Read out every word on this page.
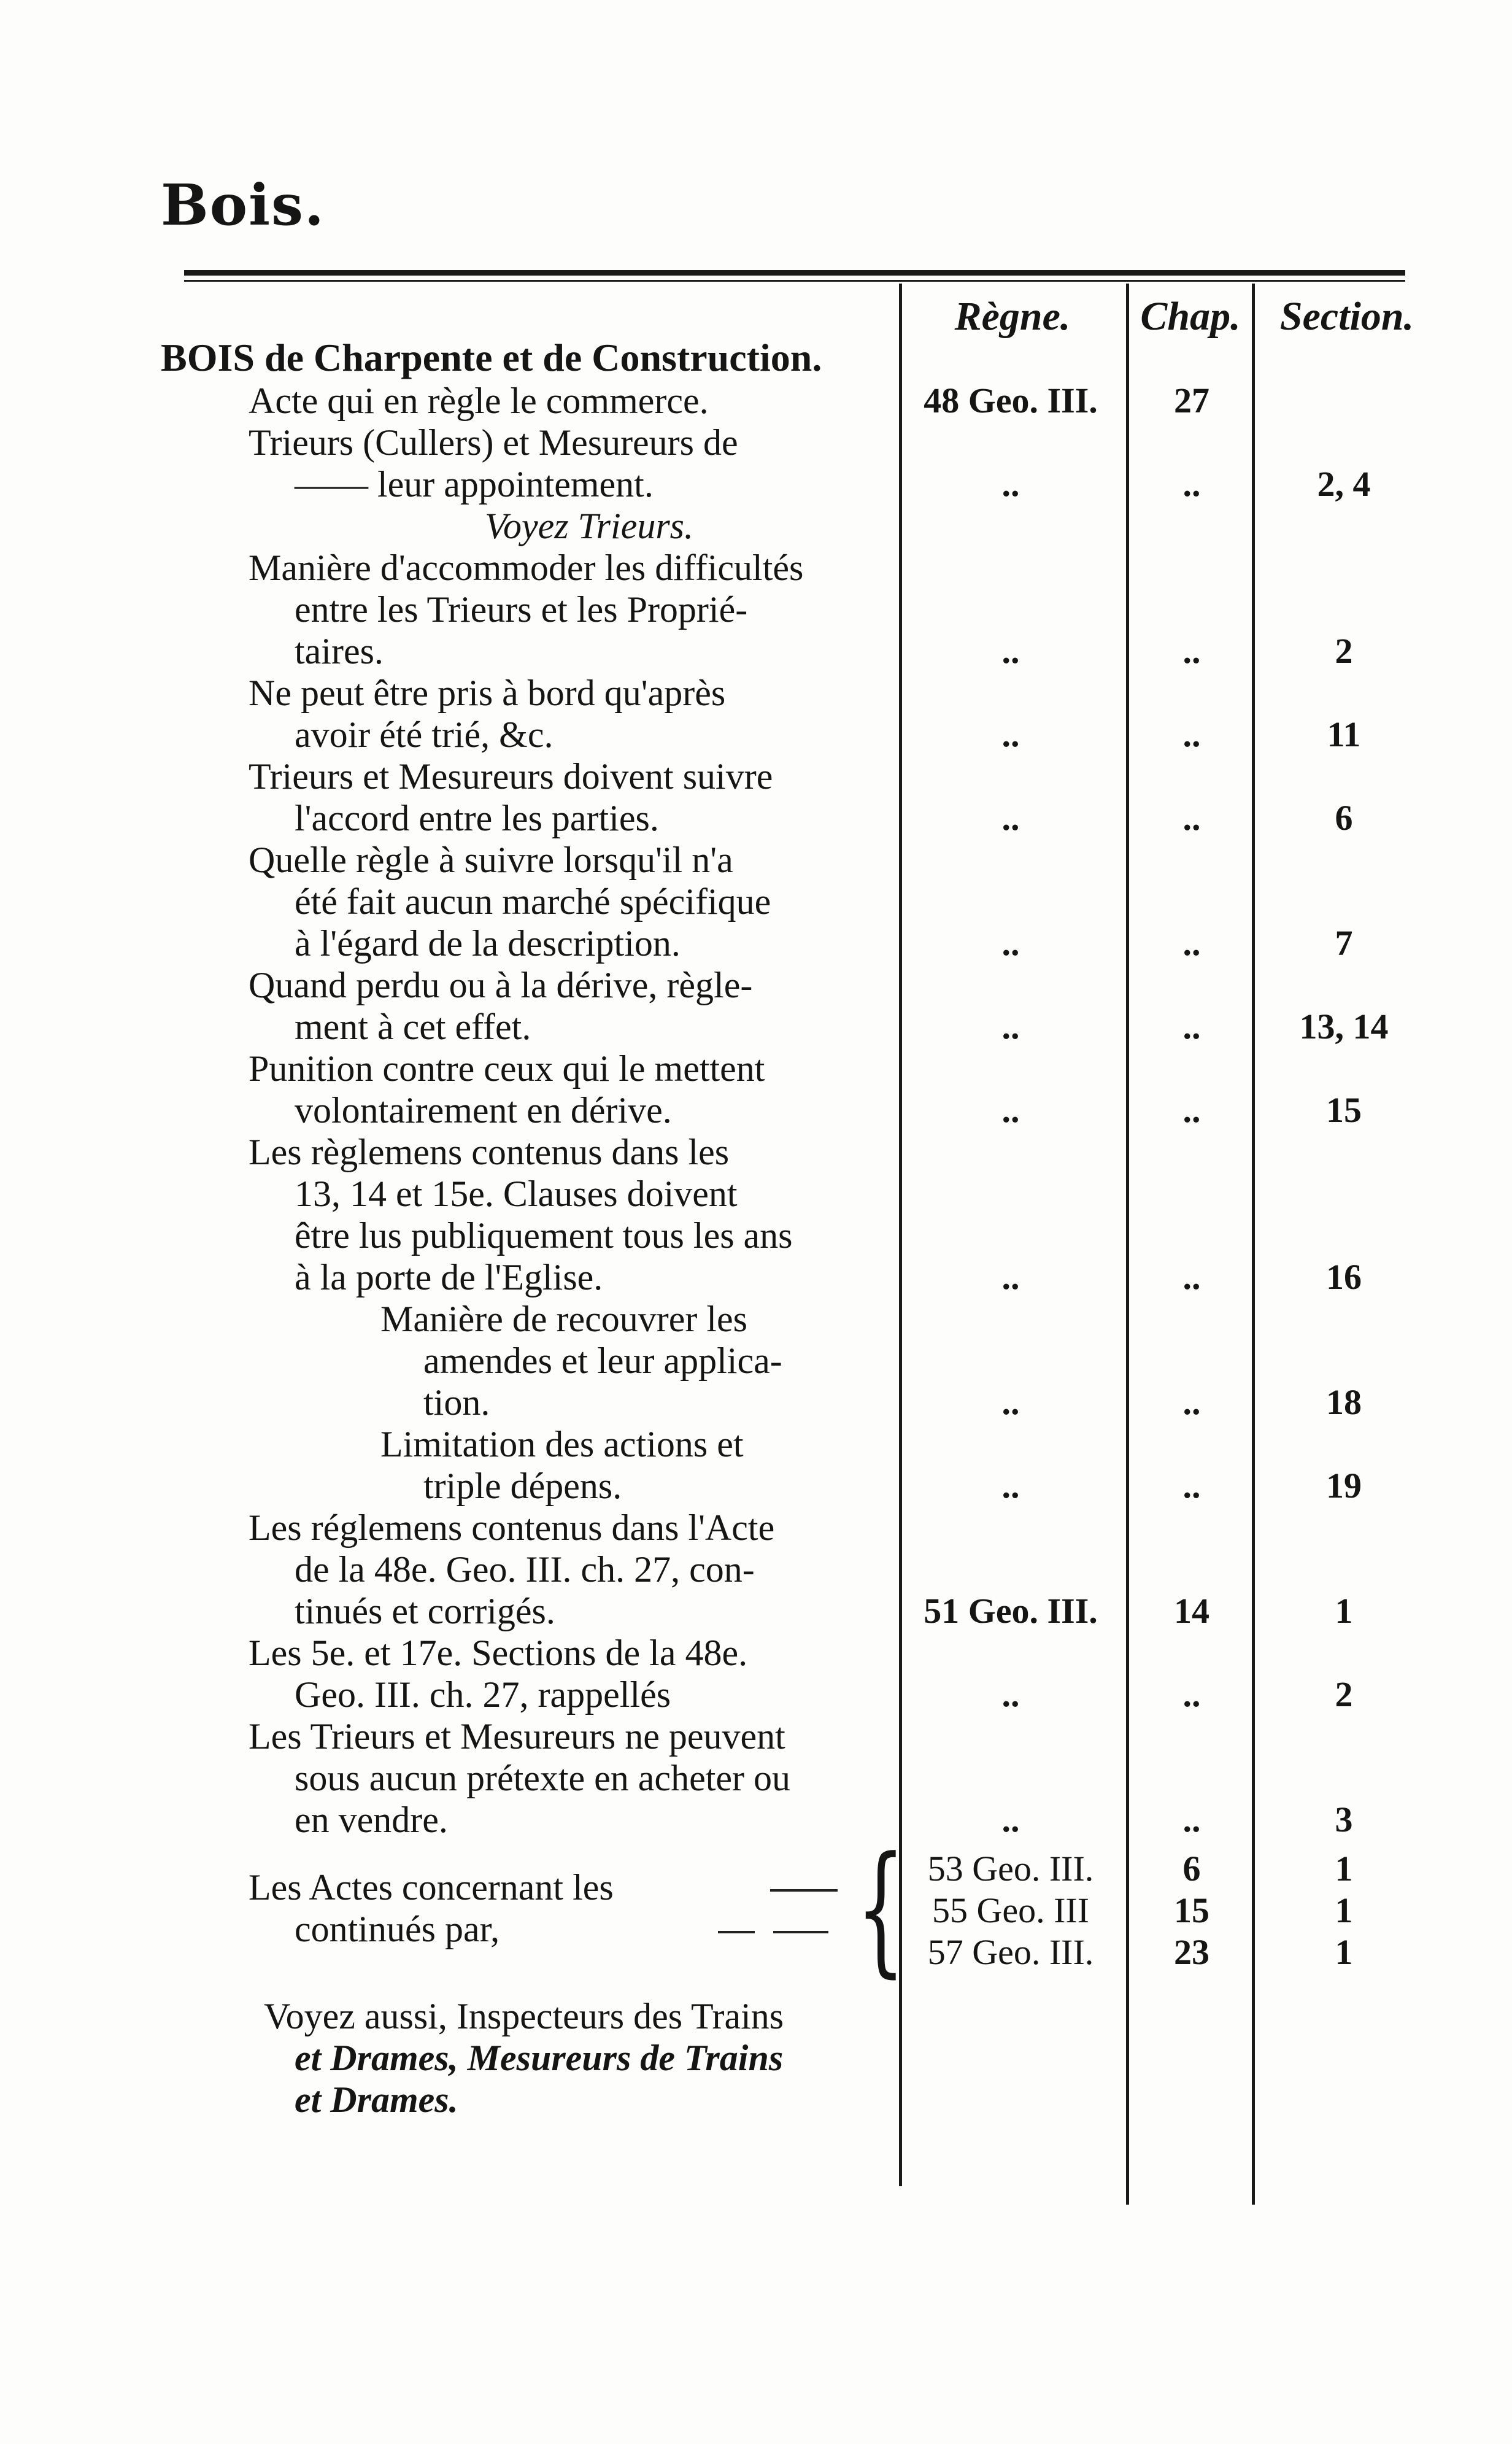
Bois.
Règne.	Chap. Section.
BOIS de Charpente et de Construction.
Acte qui en règle le commerce.	48 Geo. III.	27
Trieurs (Cullers) et Mesureurs de
—— leur appointement.
Voyez Trieurs.
..	..	2, 4
Manière d'accommoder les difficultés
entre les Trieurs et les Proprié-
taires.	..	..	2
Ne peut être pris à bord qu'après
avoir été trié, &c.	..	..	11
Trieurs et Mesureurs doivent suivre
l'accord entre les parties.	..	..	6
Quelle règle à suivre lorsqu'il n'a
été fait aucun marché spécifique
à l'égard de la description.	..	..	7
Quand perdu ou à la dérive, règle-
ment à cet effet.	..	..	13, 14
Punition contre ceux qui le mettent
volontairement en dérive.	..	..	15
Les règlemens contenus dans les
13, 14 et 15e. Clauses doivent
être lus publiquement tous les ans
à la porte de l'Eglise.	..	..	16
Manière de recouvrer les
amendes et leur applica-
tion.	..	..	18
Limitation des actions et
triple dépens.	..	..	19
Les réglemens contenus dans l'Acte
de la 48e. Geo. III. ch. 27, con-
tinués et corrigés.	51 Geo. III.	14	1
Les 5e. et 17e. Sections de la 48e.
Geo. III. ch. 27, rappellés	..	..	2
Les Trieurs et Mesureurs ne peuvent
sous aucun prétexte en acheter ou
en vendre.	..	..	3
Les Actes concernant les
continués par,	{ 53 Geo. III.	6	1
55 Geo. III	15	1
57 Geo. III.	23	1
Voyez aussi, Inspecteurs des Trains
et Drames, Mesureurs de Trains
et Drames.
